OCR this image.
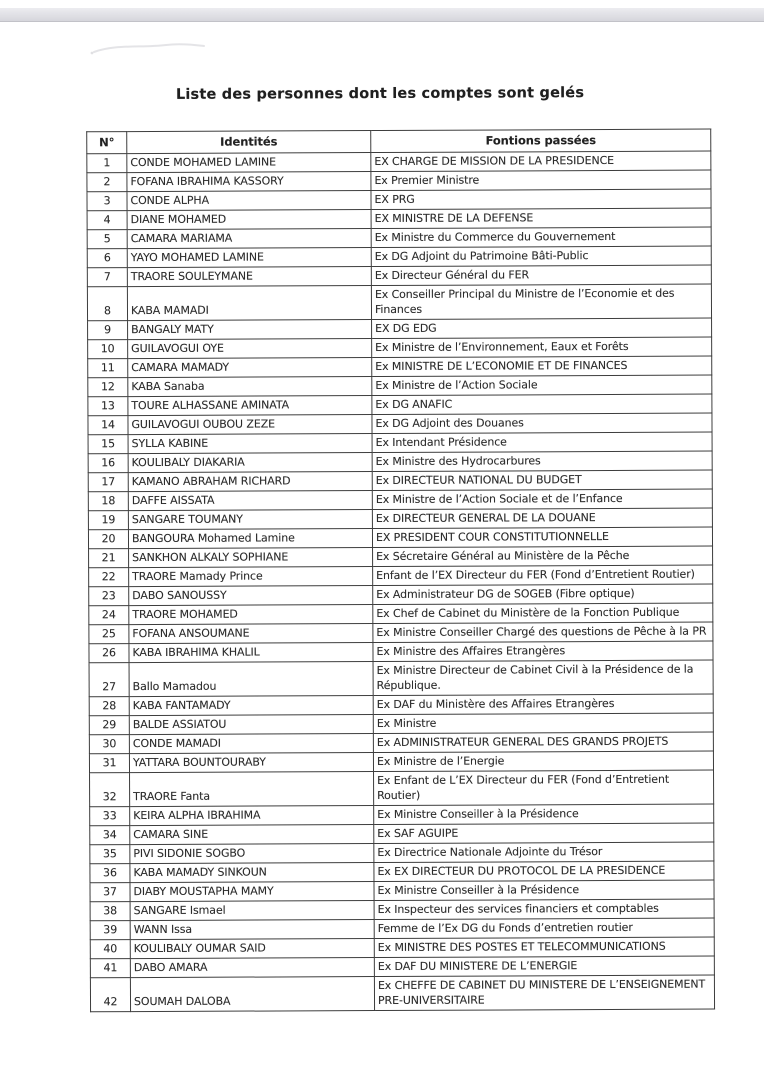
Liste des personnes dont les comptes sont gelés
N°	Identités	Fontions passées
1	CONDE MOHAMED LAMINE	EX CHARGE DE MISSION DE LA PRESIDENCE
2	FOFANA IBRAHIMA KASSORY	Ex Premier Ministre
3	CONDE ALPHA	EX PRG
4	DIANE MOHAMED	EX MINISTRE DE LA DEFENSE
5	CAMARA MARIAMA	Ex Ministre du Commerce du Gouvernement
6	YAYO MOHAMED LAMINE	Ex DG Adjoint du Patrimoine Bâti-Public
7	TRAORE SOULEYMANE	Ex Directeur Général du FER
8	KABA MAMADI	Ex Conseiller Principal du Ministre de l’Economie et des Finances
9	BANGALY MATY	EX DG EDG
10	GUILAVOGUI OYE	Ex Ministre de l’Environnement, Eaux et Forêts
11	CAMARA MAMADY	Ex MINISTRE DE L’ECONOMIE ET DE FINANCES
12	KABA Sanaba	Ex Ministre de l’Action Sociale
13	TOURE ALHASSANE AMINATA	Ex DG ANAFIC
14	GUILAVOGUI OUBOU ZEZE	Ex DG Adjoint des Douanes
15	SYLLA KABINE	Ex Intendant Présidence
16	KOULIBALY DIAKARIA	Ex Ministre des Hydrocarbures
17	KAMANO ABRAHAM RICHARD	Ex DIRECTEUR NATIONAL DU BUDGET
18	DAFFE AISSATA	Ex Ministre de l’Action Sociale et de l’Enfance
19	SANGARE TOUMANY	Ex DIRECTEUR GENERAL DE LA DOUANE
20	BANGOURA Mohamed Lamine	EX PRESIDENT COUR CONSTITUTIONNELLE
21	SANKHON ALKALY SOPHIANE	Ex Sécretaire Général au Ministère de la Pêche
22	TRAORE Mamady Prince	Enfant de l’EX Directeur du FER (Fond d’Entretient Routier)
23	DABO SANOUSSY	Ex Administrateur DG de SOGEB (Fibre optique)
24	TRAORE MOHAMED	Ex Chef de Cabinet du Ministère de la Fonction Publique
25	FOFANA ANSOUMANE	Ex Ministre Conseiller Chargé des questions de Pêche à la PR
26	KABA IBRAHIMA KHALIL	Ex Ministre des Affaires Etrangères
27	Ballo Mamadou	Ex Ministre Directeur de Cabinet Civil à la Présidence de la République.
28	KABA FANTAMADY	Ex DAF du Ministère des Affaires Etrangères
29	BALDE ASSIATOU	Ex Ministre
30	CONDE MAMADI	Ex ADMINISTRATEUR GENERAL DES GRANDS PROJETS
31	YATTARA BOUNTOURABY	Ex Ministre de l’Energie
32	TRAORE Fanta	Ex Enfant de L’EX Directeur du FER (Fond d’Entretient Routier)
33	KEIRA ALPHA IBRAHIMA	Ex Ministre Conseiller à la Présidence
34	CAMARA SINE	Ex SAF AGUIPE
35	PIVI SIDONIE SOGBO	Ex Directrice Nationale Adjointe du Trésor
36	KABA MAMADY SINKOUN	Ex EX DIRECTEUR DU PROTOCOL DE LA PRESIDENCE
37	DIABY MOUSTAPHA MAMY	Ex Ministre Conseiller à la Présidence
38	SANGARE Ismael	Ex Inspecteur des services financiers et comptables
39	WANN Issa	Femme de l’Ex DG du Fonds d’entretien routier
40	KOULIBALY OUMAR SAID	Ex MINISTRE DES POSTES ET TELECOMMUNICATIONS
41	DABO AMARA	Ex DAF DU MINISTERE DE L’ENERGIE
42	SOUMAH DALOBA	Ex CHEFFE DE CABINET DU MINISTERE DE L’ENSEIGNEMENT PRE-UNIVERSITAIRE
